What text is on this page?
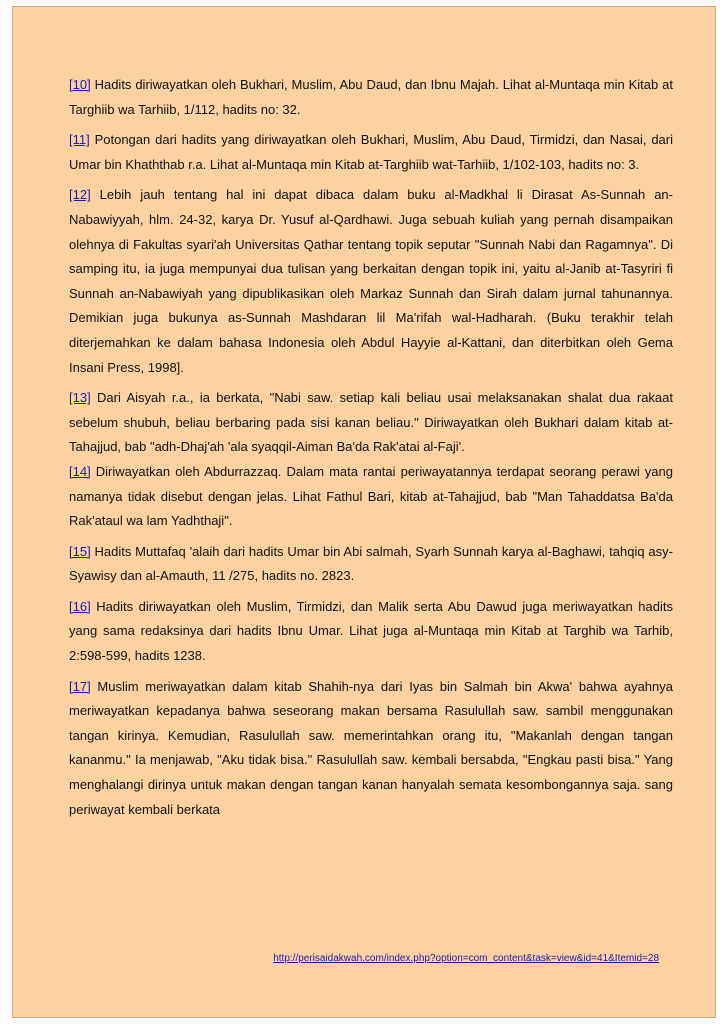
[10] Hadits diriwayatkan oleh Bukhari, Muslim, Abu Daud, dan Ibnu Majah. Lihat al-Muntaqa min Kitab at Targhiib wa Tarhiib, 1/112, hadits no: 32.

[11] Potongan dari hadits yang diriwayatkan oleh Bukhari, Muslim, Abu Daud, Tirmidzi, dan Nasai, dari Umar bin Khaththab r.a. Lihat al-Muntaqa min Kitab at-Targhiib wat-Tarhiib, 1/102-103, hadits no: 3.

[12] Lebih jauh tentang hal ini dapat dibaca dalam buku al-Madkhal li Dirasat As-Sunnah an-Nabawiyyah, hlm. 24-32, karya Dr. Yusuf al-Qardhawi. Juga sebuah kuliah yang pernah disampaikan olehnya di Fakultas syari'ah Universitas Qathar tentang topik seputar "Sunnah Nabi dan Ragamnya". Di samping itu, ia juga mempunyai dua tulisan yang berkaitan dengan topik ini, yaitu al-Janib at-Tasyriri fi Sunnah an-Nabawiyah yang dipublikasikan oleh Markaz Sunnah dan Sirah dalam jurnal tahunannya. Demikian juga bukunya as-Sunnah Mashdaran lil Ma'rifah wal-Hadharah. (Buku terakhir telah diterjemahkan ke dalam bahasa Indonesia oleh Abdul Hayyie al-Kattani, dan diterbitkan oleh Gema Insani Press, 1998].

[13] Dari Aisyah r.a., ia berkata, "Nabi saw. setiap kali beliau usai melaksanakan shalat dua rakaat sebelum shubuh, beliau berbaring pada sisi kanan beliau." Diriwayatkan oleh Bukhari dalam kitab at-Tahajjud, bab "adh-Dhaj'ah 'ala syaqqil-Aiman Ba'da Rak'atai al-Faji'.

[14] Diriwayatkan oleh Abdurrazzaq. Dalam mata rantai periwayatannya terdapat seorang perawi yang namanya tidak disebut dengan jelas. Lihat Fathul Bari, kitab at-Tahajjud, bab "Man Tahaddatsa Ba'da Rak'ataul wa lam Yadhthaji".

[15] Hadits Muttafaq 'alaih dari hadits Umar bin Abi salmah, Syarh Sunnah karya al-Baghawi, tahqiq asy-Syawisy dan al-Amauth, 11 /275, hadits no. 2823.

[16] Hadits diriwayatkan oleh Muslim, Tirmidzi, dan Malik serta Abu Dawud juga meriwayatkan hadits yang sama redaksinya dari hadits Ibnu Umar. Lihat juga al-Muntaqa min Kitab at Targhib wa Tarhib, 2:598-599, hadits 1238.

[17] Muslim meriwayatkan dalam kitab Shahih-nya dari Iyas bin Salmah bin Akwa' bahwa ayahnya meriwayatkan kepadanya bahwa seseorang makan bersama Rasulullah saw. sambil menggunakan tangan kirinya. Kemudian, Rasulullah saw. memerintahkan orang itu, "Makanlah dengan tangan kananmu." Ia menjawab, "Aku tidak bisa." Rasulullah saw. kembali bersabda, "Engkau pasti bisa." Yang menghalangi dirinya untuk makan dengan tangan kanan hanyalah semata kesombongannya saja. sang periwayat kembali berkata

http://perisaidakwah.com/index.php?option=com_content&task=view&id=41&Itemid=28
